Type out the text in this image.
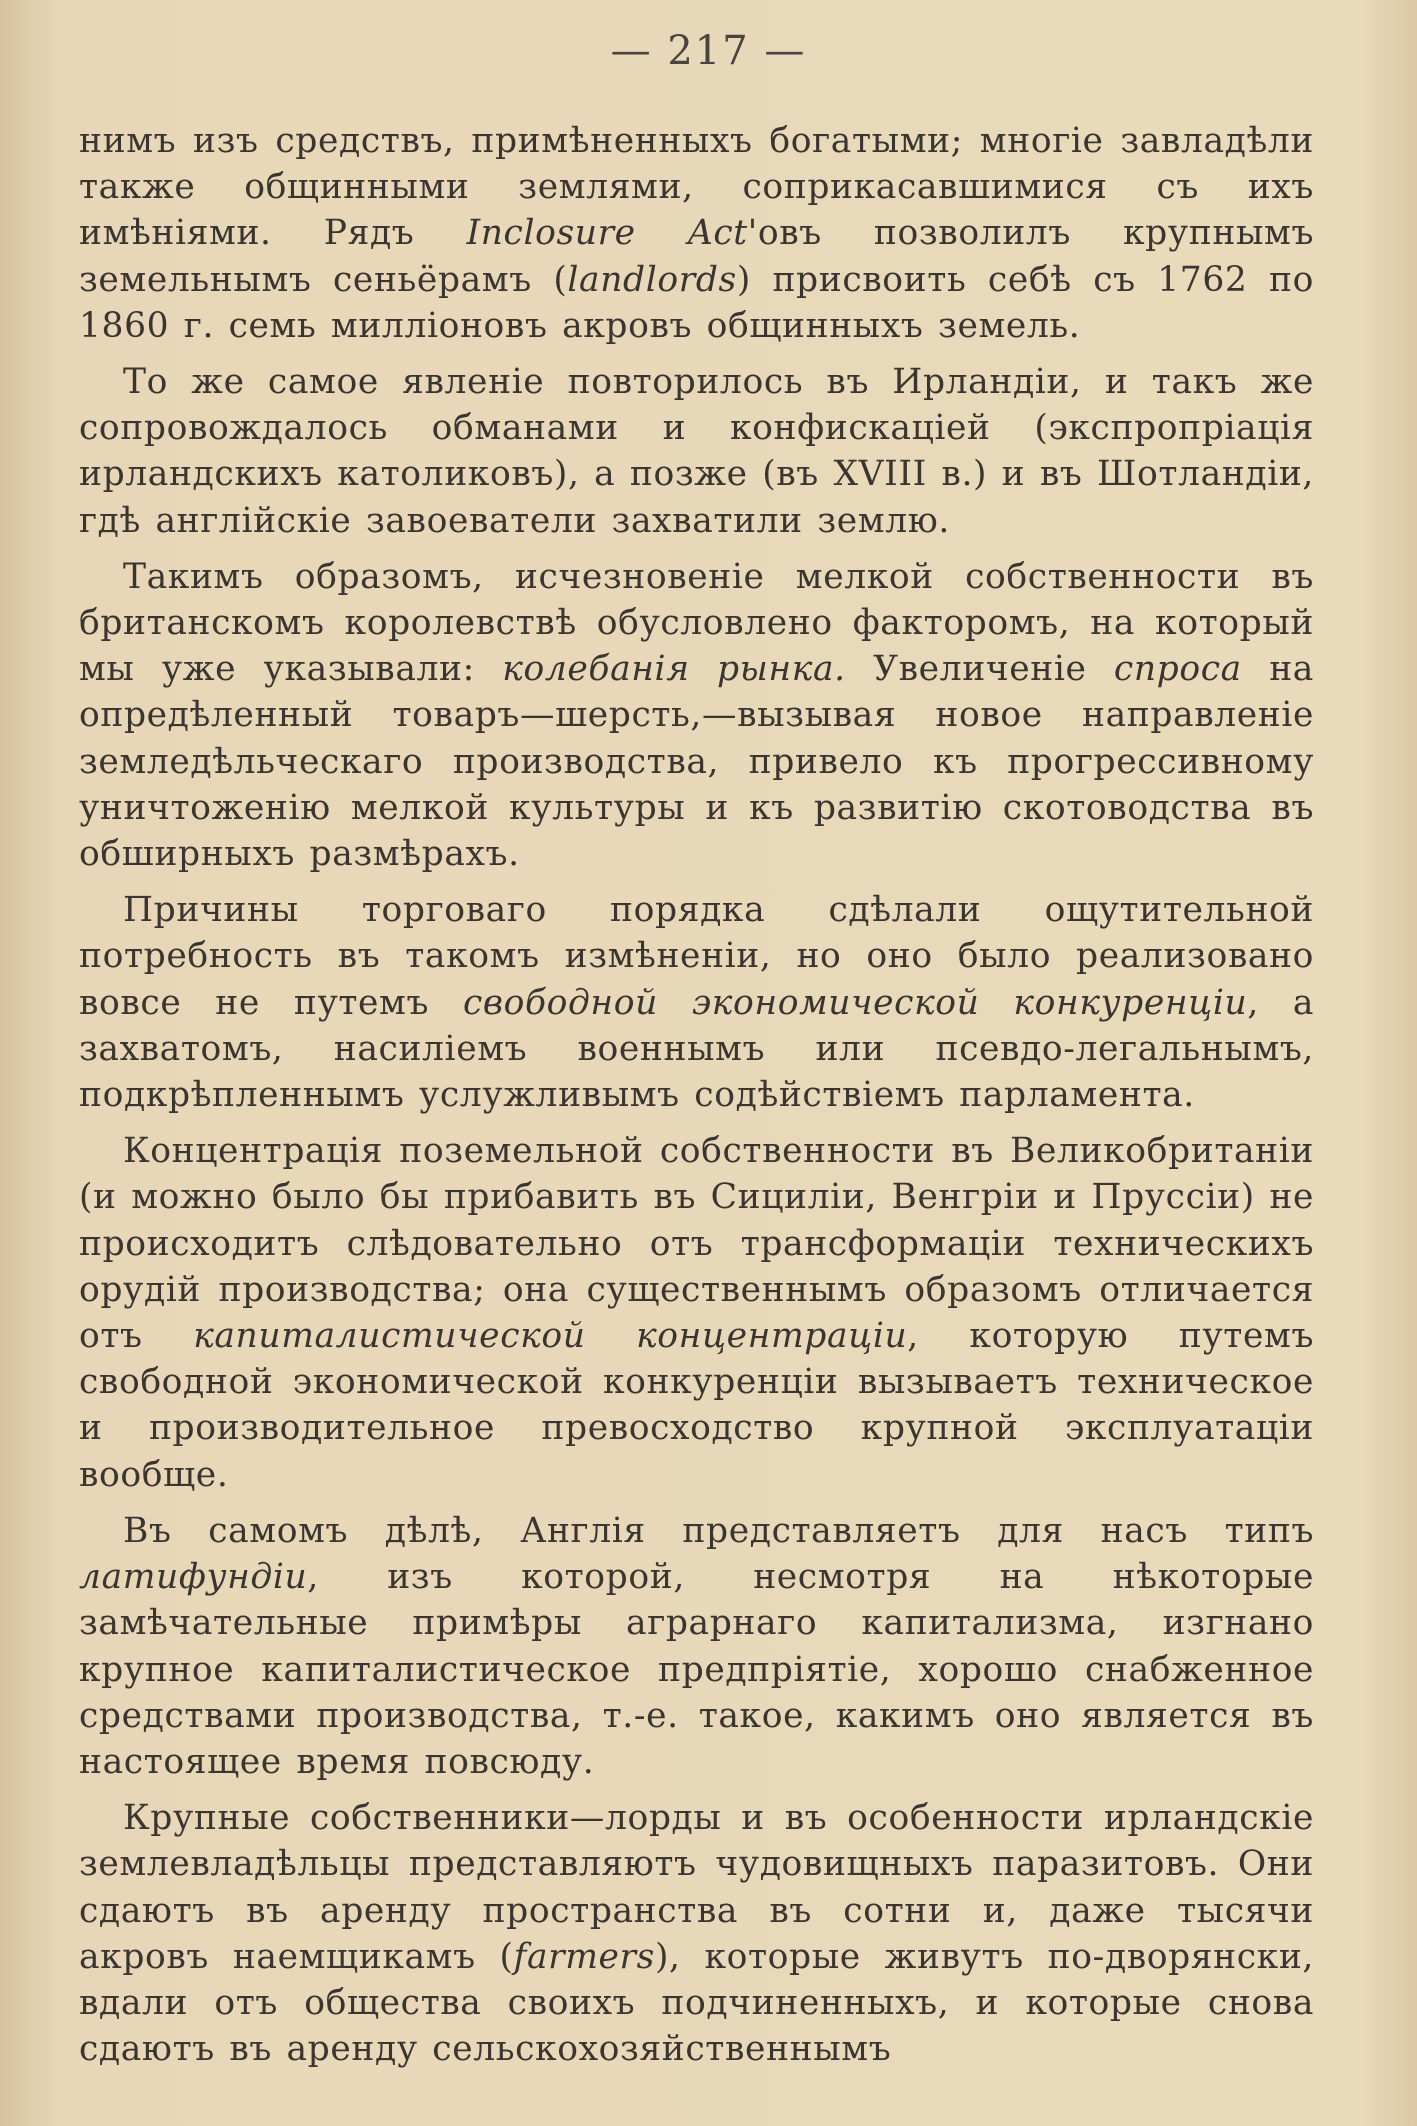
— 217 —

нимъ изъ средствъ, примѣненныхъ богатыми; многіе завладѣли также общинными землями, соприкасавшимися съ ихъ имѣніями. Рядъ Inclosure Act'овъ позволилъ крупнымъ земельнымъ сеньёрамъ (landlords) присвоить себѣ съ 1762 по 1860 г. семь милліоновъ акровъ общинныхъ земель.

То же самое явленіе повторилось въ Ирландіи, и такъ же сопровождалось обманами и конфискаціей (экспропріація ирландскихъ католиковъ), а позже (въ XVIII в.) и въ Шотландіи, гдѣ англійскіе завоеватели захватили землю.

Такимъ образомъ, исчезновеніе мелкой собственности въ британскомъ королевствѣ обусловлено факторомъ, на который мы уже указывали: колебанія рынка. Увеличеніе спроса на опредѣленный товаръ—шерсть,—вызывая новое направленіе земледѣльческаго производства, привело къ прогрессивному уничтоженію мелкой культуры и къ развитію скотоводства въ обширныхъ размѣрахъ.

Причины торговаго порядка сдѣлали ощутительной потребность въ такомъ измѣненіи, но оно было реализовано вовсе не путемъ свободной экономической конкуренціи, а захватомъ, насиліемъ военнымъ или псевдо-легальнымъ, подкрѣпленнымъ услужливымъ содѣйствіемъ парламента.

Концентрація поземельной собственности въ Великобританіи (и можно было бы прибавить въ Сициліи, Венгріи и Пруссіи) не происходитъ слѣдовательно отъ трансформаціи техническихъ орудій производства; она существеннымъ образомъ отличается отъ капиталистической концентраціи, которую путемъ свободной экономической конкуренціи вызываетъ техническое и производительное превосходство крупной эксплуатаціи вообще.

Въ самомъ дѣлѣ, Англія представляетъ для насъ типъ латифундіи, изъ которой, несмотря на нѣкоторые замѣчательные примѣры аграрнаго капитализма, изгнано крупное капиталистическое предпріятіе, хорошо снабженное средствами производства, т.-е. такое, какимъ оно является въ настоящее время повсюду.

Крупные собственники—лорды и въ особенности ирландскіе землевладѣльцы представляютъ чудовищныхъ паразитовъ. Они сдаютъ въ аренду пространства въ сотни и, даже тысячи акровъ наемщикамъ (farmers), которые живутъ по-дворянски, вдали отъ общества своихъ подчиненныхъ, и которые снова сдаютъ въ аренду сельскохозяйственнымъ
